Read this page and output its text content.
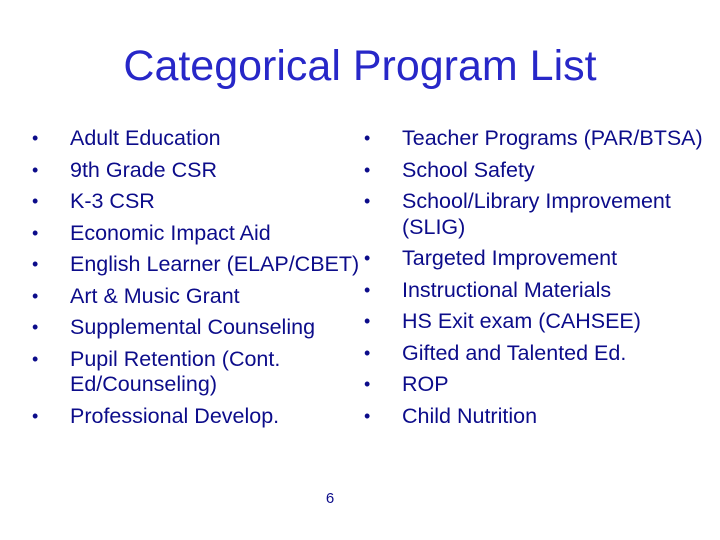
Categorical Program List
• Adult Education
• 9th Grade CSR
• K-3 CSR
• Economic Impact Aid
• English Learner (ELAP/CBET)
• Art & Music Grant
• Supplemental Counseling
• Pupil Retention (Cont. Ed/Counseling)
• Professional Develop.
• Teacher Programs (PAR/BTSA)
• School Safety
• School/Library Improvement (SLIG)
• Targeted Improvement
• Instructional Materials
• HS Exit exam (CAHSEE)
• Gifted and Talented Ed.
• ROP
• Child Nutrition
6
